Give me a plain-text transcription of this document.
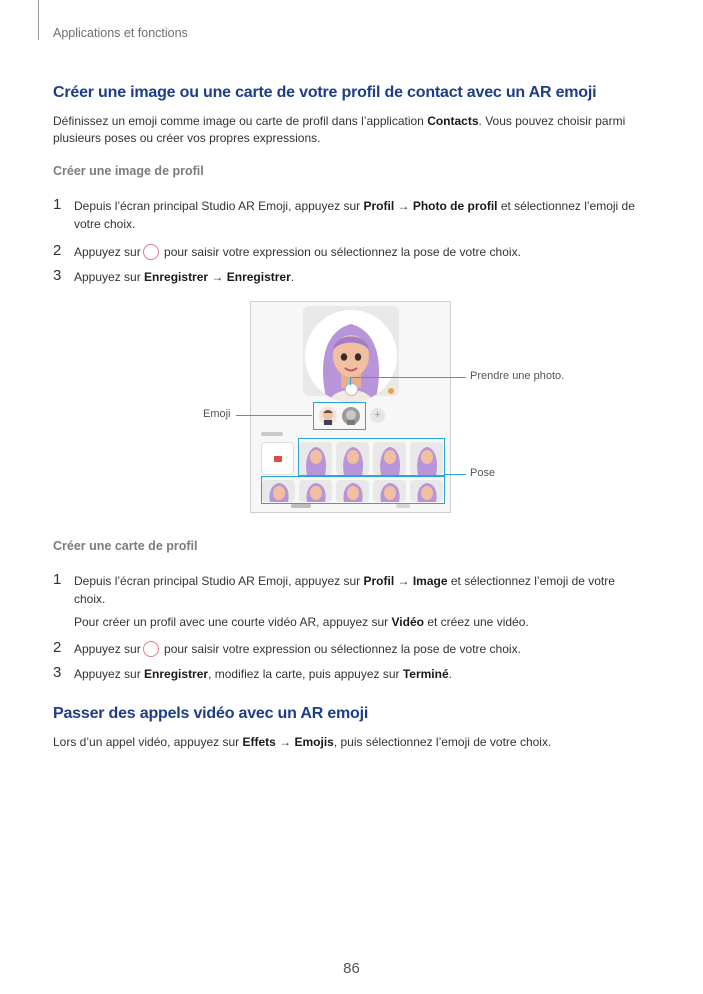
Applications et fonctions
Créer une image ou une carte de votre profil de contact avec un AR emoji
Définissez un emoji comme image ou carte de profil dans l’application Contacts. Vous pouvez choisir parmi plusieurs poses ou créer vos propres expressions.
Créer une image de profil
1 Depuis l’écran principal Studio AR Emoji, appuyez sur Profil → Photo de profil et sélectionnez l’emoji de votre choix.
2 Appuyez sur pour saisir votre expression ou sélectionnez la pose de votre choix.
3 Appuyez sur Enregistrer → Enregistrer.
+
Prendre une photo.
Emoji
Pose
Créer une carte de profil
1 Depuis l’écran principal Studio AR Emoji, appuyez sur Profil → Image et sélectionnez l’emoji de votre choix.
Pour créer un profil avec une courte vidéo AR, appuyez sur Vidéo et créez une vidéo.
2 Appuyez sur pour saisir votre expression ou sélectionnez la pose de votre choix.
3 Appuyez sur Enregistrer, modifiez la carte, puis appuyez sur Terminé.
Passer des appels vidéo avec un AR emoji
Lors d’un appel vidéo, appuyez sur Effets → Emojis, puis sélectionnez l’emoji de votre choix.
86
